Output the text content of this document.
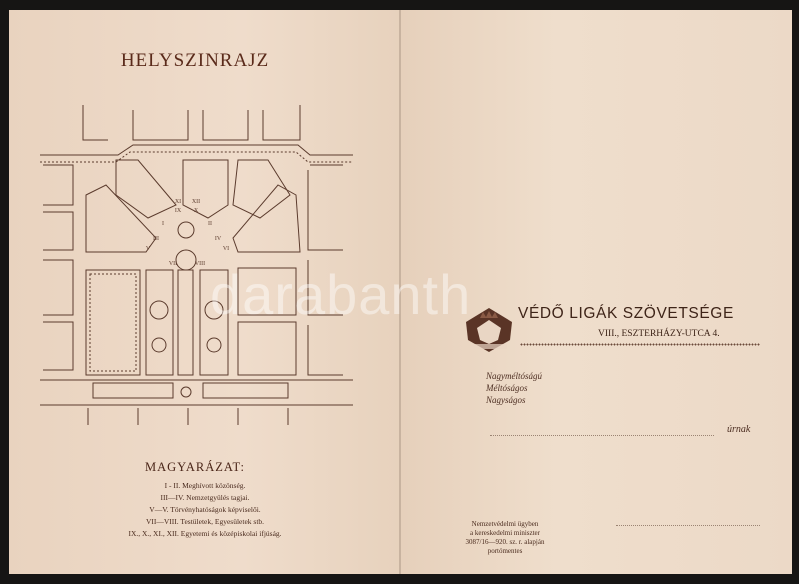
HELYSZINRAJZ
I	II
III	IV
V	VI
VII	VIII
IX X
XI XII
MAGYARÁZAT:
I - II. Meghívott közönség.
III—IV. Nemzetgyülés tagjai.
V—V. Törvényhatóságok képviselői.
VII—VIII. Testületek, Egyesületek stb.
IX., X., XI., XII. Egyetemi és középiskolai ifjúság.
VÉDŐ LIGÁK SZÖVETSÉGE
VIII., ESZTERHÁZY-UTCA 4.
Nagyméltóságú
Méltóságos
Nagyságos
úrnak
Nemzetvédelmi ügyben
a kereskedelmi miniszter
3087/16—920. sz. r. alapján
portómentes
darabanth
